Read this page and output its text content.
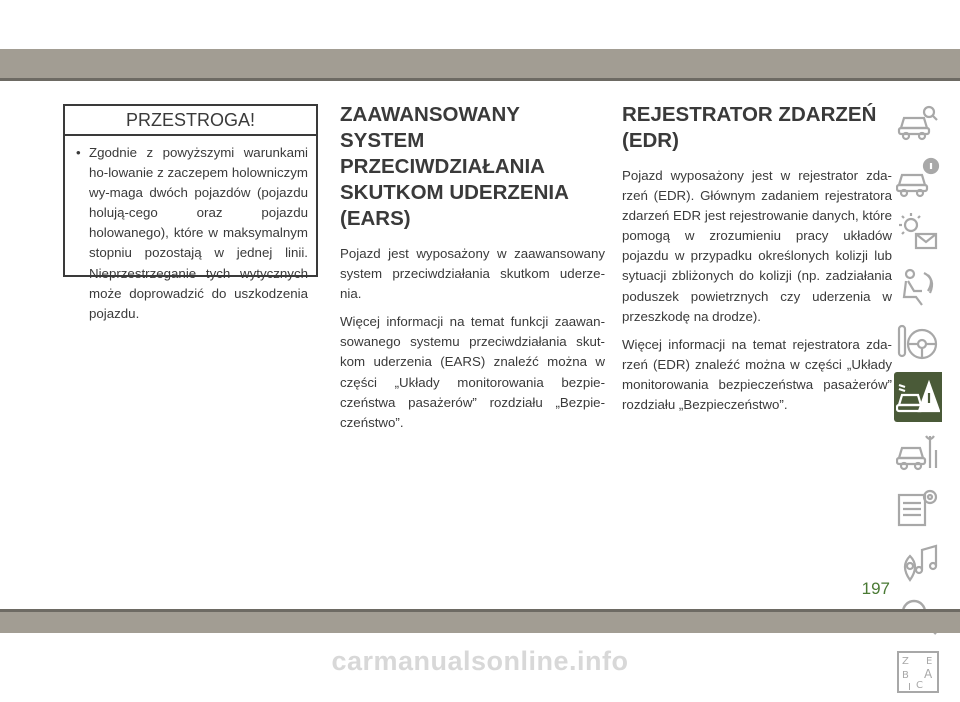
PRZESTROGA!
• Zgodnie z powyższymi warunkami ho-lowanie z zaczepem holowniczym wy-maga dwóch pojazdów (pojazdu holują-cego oraz pojazdu holowanego), które w maksymalnym stopniu pozostają w jednej linii. Nieprzestrzeganie tych wytycznych może doprowadzić do uszkodzenia pojazdu.
ZAAWANSOWANY SYSTEM PRZECIWDZIAŁANIA SKUTKOM UDERZENIA (EARS)

Pojazd jest wyposażony w zaawansowany system przeciwdziałania skutkom uderze-nia.

Więcej informacji na temat funkcji zaawan-sowanego systemu przeciwdziałania skut-kom uderzenia (EARS) znaleźć można w części „Układy monitorowania bezpie-czeństwa pasażerów” rozdziału „Bezpie-czeństwo”.

REJESTRATOR ZDARZEŃ (EDR)

Pojazd wyposażony jest w rejestrator zda-rzeń (EDR). Głównym zadaniem rejestratora zdarzeń EDR jest rejestrowanie danych, które pomogą w zrozumieniu pracy układów pojazdu w przypadku określonych kolizji lub sytuacji zbliżonych do kolizji (np. zadziałania poduszek powietrznych czy uderzenia w przeszkodę na drodze).

Więcej informacji na temat rejestratora zda-rzeń (EDR) znaleźć można w części „Układy monitorowania bezpieczeństwa pasażerów” rozdziału „Bezpieczeństwo”.

Z E
B A
I C
197
carmanualsonline.info
